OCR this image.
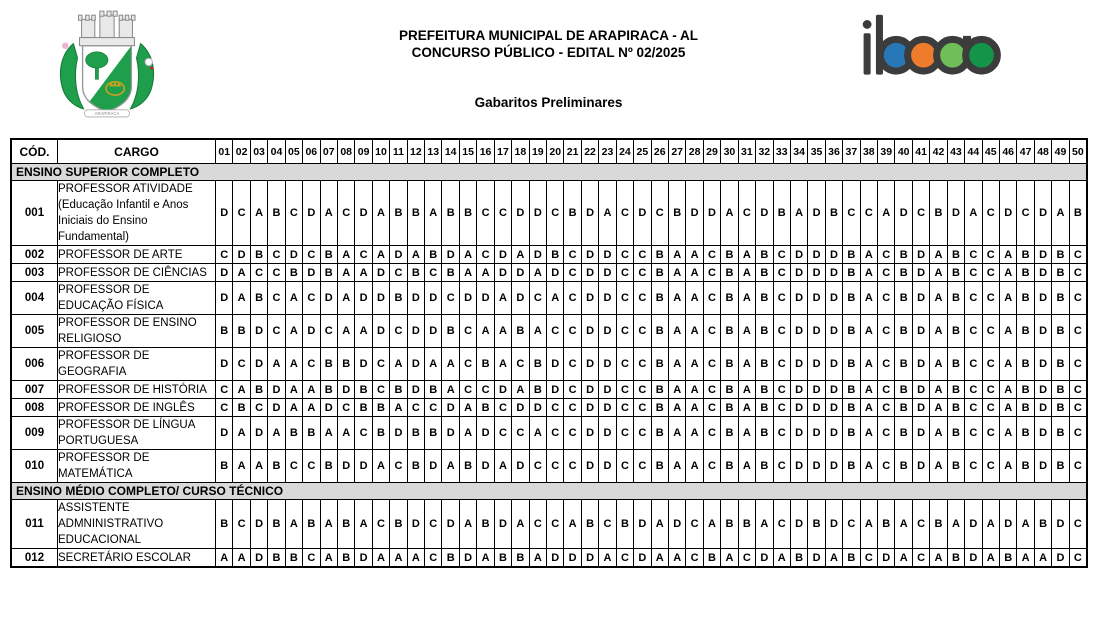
ARAPIRACA
PREFEITURA MUNICIPAL DE ARAPIRACA - AL
CONCURSO PÚBLICO - EDITAL Nº 02/2025
Gabaritos Preliminares
CÓD.	CARGO	01	02	03	04	05	06	07	08	09	10	11	12	13	14	15	16	17	18	19	20	21	22	23	24	25	26	27	28	29	30	31	32	33	34	35	36	37	38	39	40	41	42	43	44	45	46	47	48	49	50
ENSINO SUPERIOR COMPLETO																																																			
001	PROFESSOR ATIVIDADE (Educação Infantil e Anos Iniciais do Ensino Fundamental)	D	C	A	B	C	D	A	C	D	A	B	B	A	B	B	C	C	D	D	C	B	D	A	C	D	C	B	D	D	A	C	D	B	A	D	B	C	C	A	D	C	B	D	A	C	D	C	D	A	B
002	PROFESSOR DE ARTE	C	D	B	C	D	C	B	A	C	A	D	A	B	D	A	C	D	A	D	B	C	D	D	C	C	B	A	A	C	B	A	B	C	D	D	D	B	A	C	B	D	A	B	C	C	A	B	D	B	C
003	PROFESSOR DE CIÊNCIAS	D	A	C	C	B	D	B	A	A	D	C	B	C	B	A	A	D	D	A	D	C	D	D	C	C	B	A	A	C	B	A	B	C	D	D	D	B	A	C	B	D	A	B	C	C	A	B	D	B	C
004	PROFESSOR DE EDUCAÇÃO FÍSICA	D	A	B	C	A	C	D	A	D	D	B	D	D	C	D	D	A	D	C	A	C	D	D	C	C	B	A	A	C	B	A	B	C	D	D	D	B	A	C	B	D	A	B	C	C	A	B	D	B	C
005	PROFESSOR DE ENSINO RELIGIOSO	B	B	D	C	A	D	C	A	A	D	C	D	D	B	C	A	A	B	A	C	C	D	D	C	C	B	A	A	C	B	A	B	C	D	D	D	B	A	C	B	D	A	B	C	C	A	B	D	B	C
006	PROFESSOR DE GEOGRAFIA	D	C	D	A	A	C	B	B	D	C	A	D	A	A	C	B	A	C	B	D	C	D	D	C	C	B	A	A	C	B	A	B	C	D	D	D	B	A	C	B	D	A	B	C	C	A	B	D	B	C
007	PROFESSOR DE HISTÓRIA	C	A	B	D	A	A	B	D	B	C	B	D	B	A	C	C	D	A	B	D	C	D	D	C	C	B	A	A	C	B	A	B	C	D	D	D	B	A	C	B	D	A	B	C	C	A	B	D	B	C
008	PROFESSOR DE INGLÊS	C	B	C	D	A	A	D	C	B	B	A	C	C	D	A	B	C	D	D	C	C	D	D	C	C	B	A	A	C	B	A	B	C	D	D	D	B	A	C	B	D	A	B	C	C	A	B	D	B	C
009	PROFESSOR DE LÍNGUA PORTUGUESA	D	A	D	A	B	B	A	A	C	B	D	B	B	D	A	D	C	C	A	C	C	D	D	C	C	B	A	A	C	B	A	B	C	D	D	D	B	A	C	B	D	A	B	C	C	A	B	D	B	C
010	PROFESSOR DE MATEMÁTICA	B	A	A	B	C	C	B	D	D	A	C	B	D	A	B	D	A	D	C	C	C	D	D	C	C	B	A	A	C	B	A	B	C	D	D	D	B	A	C	B	D	A	B	C	C	A	B	D	B	C
ENSINO MÉDIO COMPLETO/ CURSO TÉCNICO																																																			
011	ASSISTENTE ADMNINISTRATIVO EDUCACIONAL	B	C	D	B	A	B	A	B	A	C	B	D	C	D	A	B	D	A	C	C	A	B	C	B	D	A	D	C	A	B	B	A	C	D	B	D	C	A	B	A	C	B	A	D	A	D	A	B	D	C
012	SECRETÁRIO ESCOLAR	A	A	D	B	B	C	A	B	D	A	A	A	C	B	D	A	B	B	A	D	D	D	A	C	D	A	A	C	B	A	C	D	A	B	D	A	B	C	D	A	C	A	B	D	A	B	A	A	D	C
